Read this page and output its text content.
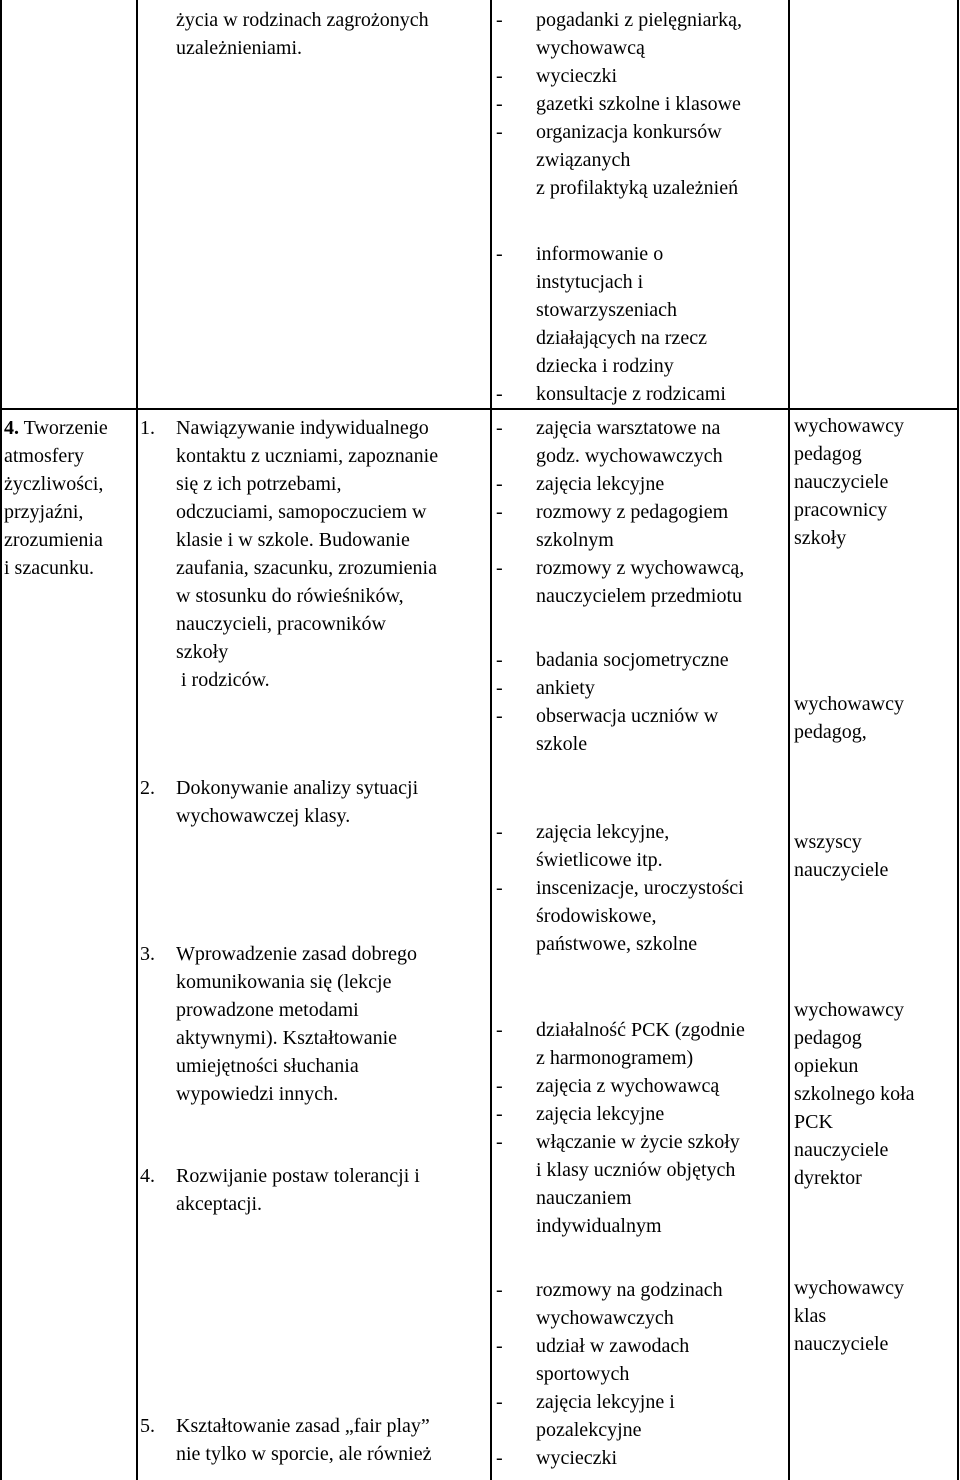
życia w rodzinach zagrożonych
uzależnieniami.
- pogadanki z pielęgniarką,
wychowawcą
- wycieczki
- gazetki szkolne i klasowe
- organizacja konkursów
związanych
z profilaktyką uzależnień
- informowanie o
instytucjach i
stowarzyszeniach
działających na rzecz
dziecka i rodziny
- konsultacje z rodzicami
4. Tworzenie
atmosfery
życzliwości,
przyjaźni,
zrozumienia
i szacunku.
1. Nawiązywanie indywidualnego
kontaktu z uczniami, zapoznanie
się z ich potrzebami,
odczuciami, samopoczuciem w
klasie i w szkole. Budowanie
zaufania, szacunku, zrozumienia
w stosunku do rówieśników,
nauczycieli, pracowników
szkoły
i rodziców.
2. Dokonywanie analizy sytuacji
wychowawczej klasy.
3. Wprowadzenie zasad dobrego
komunikowania się (lekcje
prowadzone metodami
aktywnymi). Kształtowanie
umiejętności słuchania
wypowiedzi innych.
4. Rozwijanie postaw tolerancji i
akceptacji.
5. Kształtowanie zasad „fair play”
nie tylko w sporcie, ale również
- zajęcia warsztatowe na
godz. wychowawczych
- zajęcia lekcyjne
- rozmowy z pedagogiem
szkolnym
- rozmowy z wychowawcą,
nauczycielem przedmiotu
- badania socjometryczne
- ankiety
- obserwacja uczniów w
szkole
- zajęcia lekcyjne,
świetlicowe itp.
- inscenizacje, uroczystości
środowiskowe,
państwowe, szkolne
- działalność PCK (zgodnie
z harmonogramem)
- zajęcia z wychowawcą
- zajęcia lekcyjne
- włączanie w życie szkoły
i klasy uczniów objętych
nauczaniem
indywidualnym
- rozmowy na godzinach
wychowawczych
- udział w zawodach
sportowych
- zajęcia lekcyjne i
pozalekcyjne
- wycieczki
wychowawcy
pedagog
nauczyciele
pracownicy
szkoły
wychowawcy
pedagog,
wszyscy
nauczyciele
wychowawcy
pedagog
opiekun
szkolnego koła
PCK
nauczyciele
dyrektor
wychowawcy
klas
nauczyciele
